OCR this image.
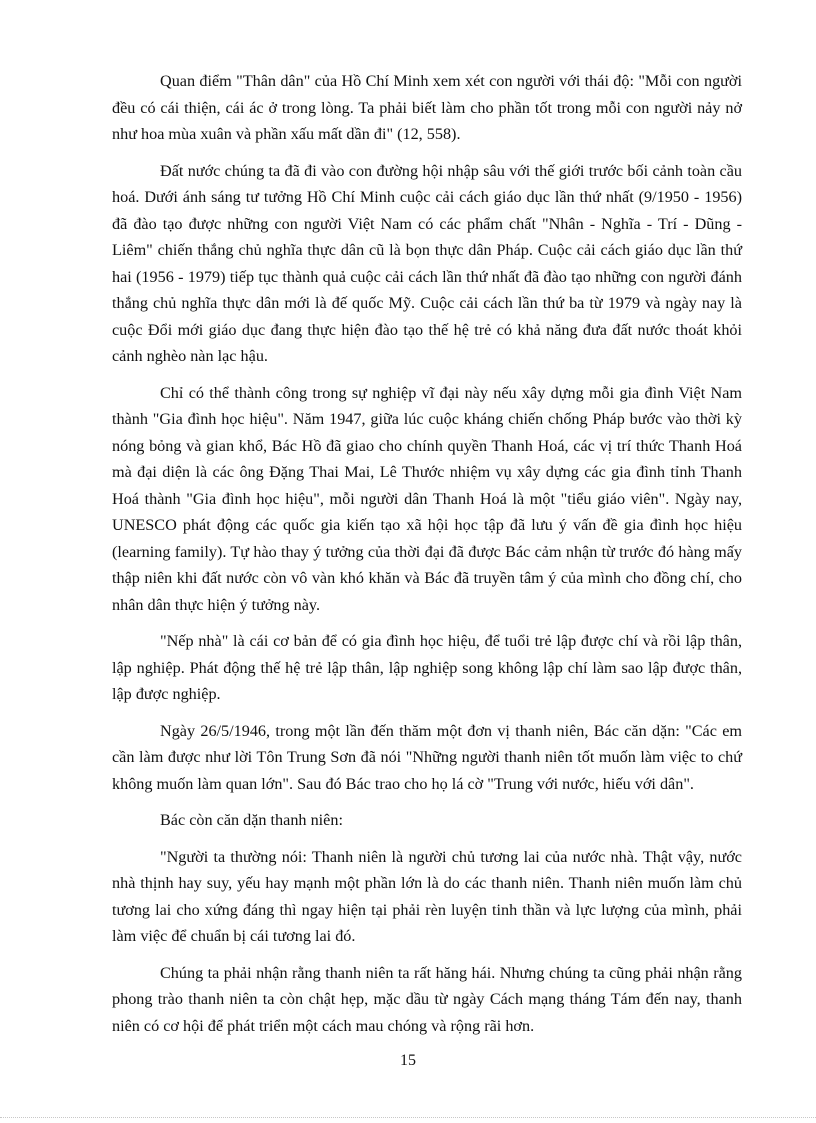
Quan điểm "Thân dân" của Hồ Chí Minh xem xét con người với thái độ: "Mỗi con người đều có cái thiện, cái ác ở trong lòng. Ta phải biết làm cho phần tốt trong mỗi con người nảy nở như hoa mùa xuân và phần xấu mất dần đi" (12, 558).

Đất nước chúng ta đã đi vào con đường hội nhập sâu với thế giới trước bối cảnh toàn cầu hoá. Dưới ánh sáng tư tưởng Hồ Chí Minh cuộc cải cách giáo dục lần thứ nhất (9/1950 - 1956) đã đào tạo được những con người Việt Nam có các phẩm chất "Nhân - Nghĩa - Trí - Dũng - Liêm" chiến thắng chủ nghĩa thực dân cũ là bọn thực dân Pháp. Cuộc cải cách giáo dục lần thứ hai (1956 - 1979) tiếp tục thành quả cuộc cải cách lần thứ nhất đã đào tạo những con người đánh thắng chủ nghĩa thực dân mới là đế quốc Mỹ. Cuộc cải cách lần thứ ba từ 1979 và ngày nay là cuộc Đổi mới giáo dục đang thực hiện đào tạo thế hệ trẻ có khả năng đưa đất nước thoát khỏi cảnh nghèo nàn lạc hậu.

Chỉ có thể thành công trong sự nghiệp vĩ đại này nếu xây dựng mỗi gia đình Việt Nam thành "Gia đình học hiệu". Năm 1947, giữa lúc cuộc kháng chiến chống Pháp bước vào thời kỳ nóng bỏng và gian khổ, Bác Hồ đã giao cho chính quyền Thanh Hoá, các vị trí thức Thanh Hoá mà đại diện là các ông Đặng Thai Mai, Lê Thước nhiệm vụ xây dựng các gia đình tỉnh Thanh Hoá thành "Gia đình học hiệu", mỗi người dân Thanh Hoá là một "tiểu giáo viên". Ngày nay, UNESCO phát động các quốc gia kiến tạo xã hội học tập đã lưu ý vấn đề gia đình học hiệu (learning family). Tự hào thay ý tưởng của thời đại đã được Bác cảm nhận từ trước đó hàng mấy thập niên khi đất nước còn vô vàn khó khăn và Bác đã truyền tâm ý của mình cho đồng chí, cho nhân dân thực hiện ý tưởng này.

"Nếp nhà" là cái cơ bản để có gia đình học hiệu, để tuổi trẻ lập được chí và rồi lập thân, lập nghiệp. Phát động thế hệ trẻ lập thân, lập nghiệp song không lập chí làm sao lập được thân, lập được nghiệp.

Ngày 26/5/1946, trong một lần đến thăm một đơn vị thanh niên, Bác căn dặn: "Các em cần làm được như lời Tôn Trung Sơn đã nói "Những người thanh niên tốt muốn làm việc to chứ không muốn làm quan lớn". Sau đó Bác trao cho họ lá cờ "Trung với nước, hiếu với dân".

Bác còn căn dặn thanh niên:

"Người ta thường nói: Thanh niên là người chủ tương lai của nước nhà. Thật vậy, nước nhà thịnh hay suy, yếu hay mạnh một phần lớn là do các thanh niên. Thanh niên muốn làm chủ tương lai cho xứng đáng thì ngay hiện tại phải rèn luyện tinh thần và lực lượng của mình, phải làm việc để chuẩn bị cái tương lai đó.

Chúng ta phải nhận rằng thanh niên ta rất hăng hái. Nhưng chúng ta cũng phải nhận rằng phong trào thanh niên ta còn chật hẹp, mặc dầu từ ngày Cách mạng tháng Tám đến nay, thanh niên có cơ hội để phát triển một cách mau chóng và rộng rãi hơn.

15
